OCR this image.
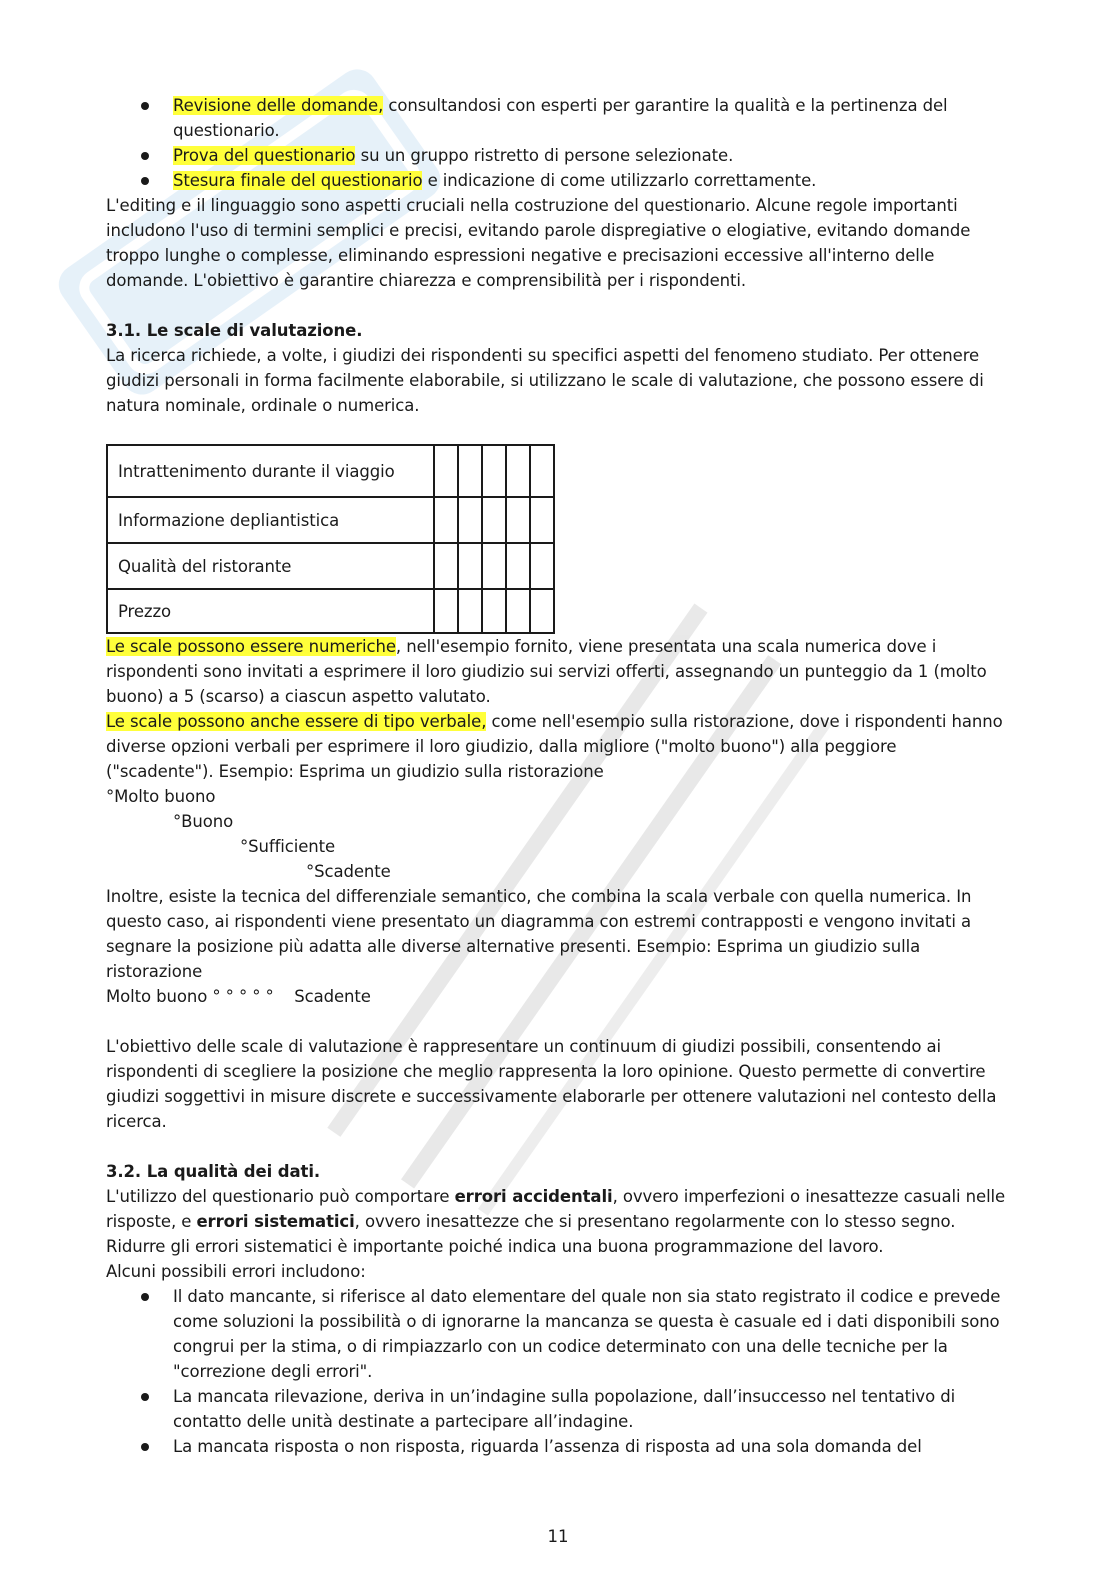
Revisione delle domande, consultandosi con esperti per garantire la qualità e la pertinenza del questionario.
Prova del questionario su un gruppo ristretto di persone selezionate.
Stesura finale del questionario e indicazione di come utilizzarlo correttamente.

L'editing e il linguaggio sono aspetti cruciali nella costruzione del questionario. Alcune regole importanti includono l'uso di termini semplici e precisi, evitando parole dispregiative o elogiative, evitando domande troppo lunghe o complesse, eliminando espressioni negative e precisazioni eccessive all'interno delle domande. L'obiettivo è garantire chiarezza e comprensibilità per i rispondenti.

3.1. Le scale di valutazione.

La ricerca richiede, a volte, i giudizi dei rispondenti su specifici aspetti del fenomeno studiato. Per ottenere giudizi personali in forma facilmente elaborabile, si utilizzano le scale di valutazione, che possono essere di natura nominale, ordinale o numerica.

Intrattenimento durante il viaggio					
Informazione depliantistica					
Qualità del ristorante					
Prezzo					

Le scale possono essere numeriche, nell'esempio fornito, viene presentata una scala numerica dove i rispondenti sono invitati a esprimere il loro giudizio sui servizi offerti, assegnando un punteggio da 1 (molto buono) a 5 (scarso) a ciascun aspetto valutato.

Le scale possono anche essere di tipo verbale, come nell'esempio sulla ristorazione, dove i rispondenti hanno diverse opzioni verbali per esprimere il loro giudizio, dalla migliore ("molto buono") alla peggiore ("scadente"). Esempio: Esprima un giudizio sulla ristorazione

°Molto buono

°Buono

°Sufficiente

°Scadente

Inoltre, esiste la tecnica del differenziale semantico, che combina la scala verbale con quella numerica. In questo caso, ai rispondenti viene presentato un diagramma con estremi contrapposti e vengono invitati a segnare la posizione più adatta alle diverse alternative presenti. Esempio: Esprima un giudizio sulla ristorazione

Molto buono ° ° ° ° °    Scadente

L'obiettivo delle scale di valutazione è rappresentare un continuum di giudizi possibili, consentendo ai rispondenti di scegliere la posizione che meglio rappresenta la loro opinione. Questo permette di convertire giudizi soggettivi in misure discrete e successivamente elaborarle per ottenere valutazioni nel contesto della ricerca.

3.2. La qualità dei dati.

L'utilizzo del questionario può comportare errori accidentali, ovvero imperfezioni o inesattezze casuali nelle risposte, e errori sistematici, ovvero inesattezze che si presentano regolarmente con lo stesso segno. Ridurre gli errori sistematici è importante poiché indica una buona programmazione del lavoro.

Alcuni possibili errori includono:

Il dato mancante, si riferisce al dato elementare del quale non sia stato registrato il codice e prevede come soluzioni la possibilità o di ignorarne la mancanza se questa è casuale ed i dati disponibili sono congrui per la stima, o di rimpiazzarlo con un codice determinato con una delle tecniche per la "correzione degli errori".
La mancata rilevazione, deriva in un’indagine sulla popolazione, dall’insuccesso nel tentativo di contatto delle unità destinate a partecipare all’indagine.
La mancata risposta o non risposta, riguarda l’assenza di risposta ad una sola domanda del
11
